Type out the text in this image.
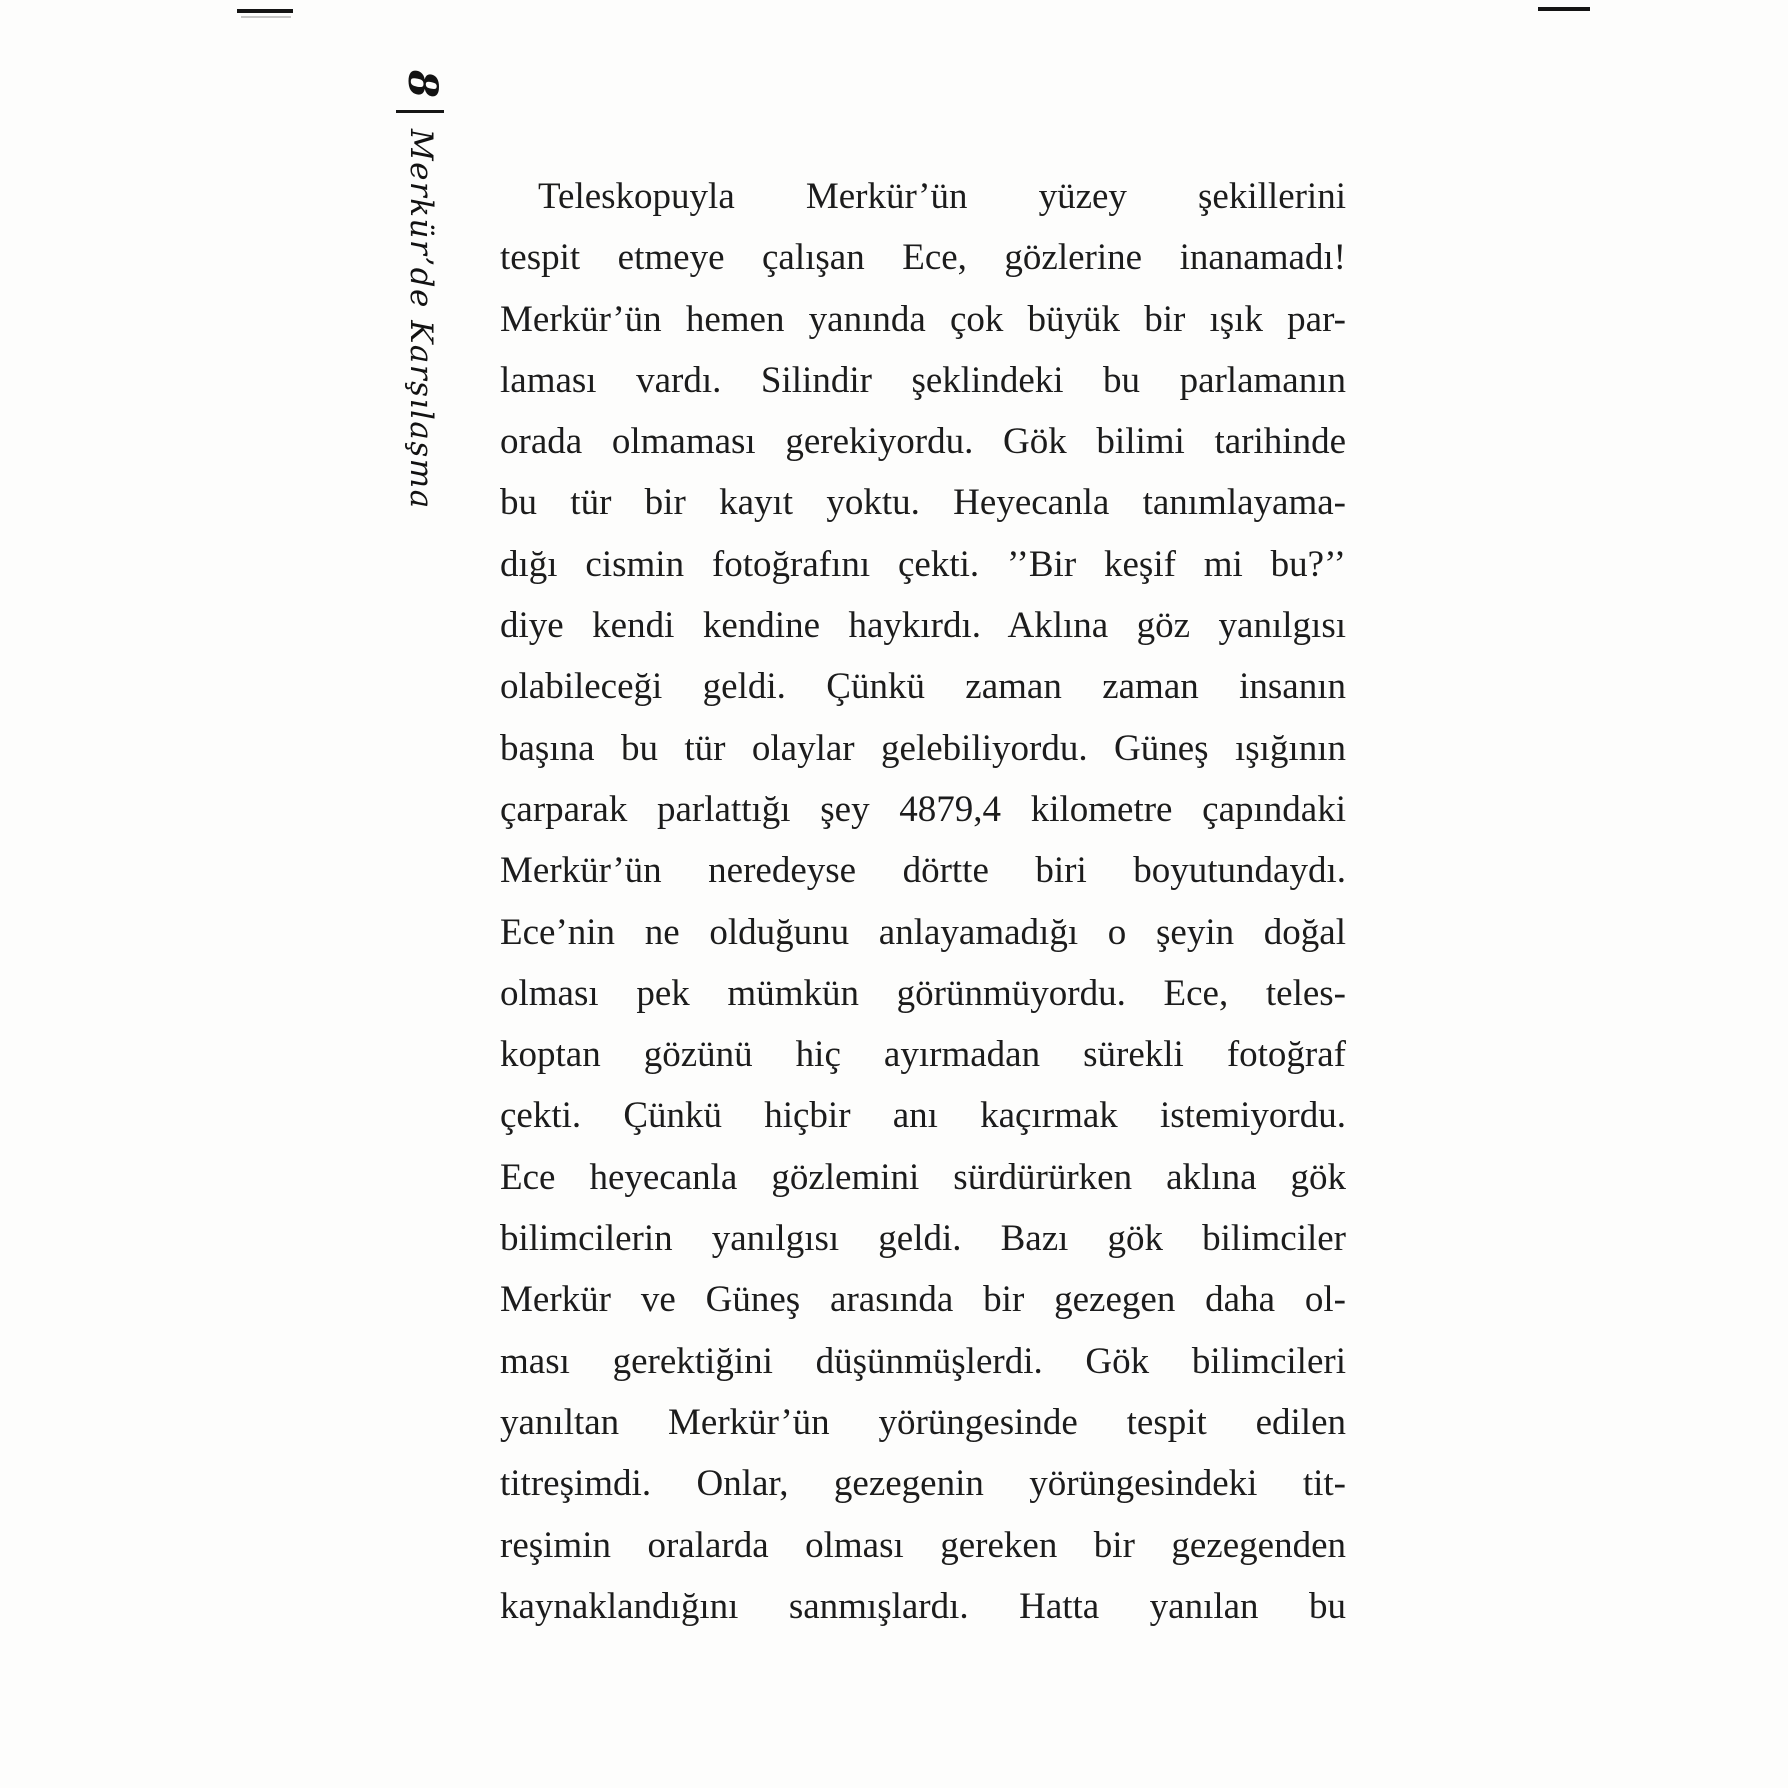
8
Merkür’de Karşılaşma	Teleskopuyla Merkür’ün yüzey şekillerini
tespit etmeye çalışan Ece, gözlerine inanamadı!
Merkür’ün hemen yanında çok büyük bir ışık par-
laması vardı. Silindir şeklindeki bu parlamanın
orada olmaması gerekiyordu. Gök bilimi tarihinde
bu tür bir kayıt yoktu. Heyecanla tanımlayama-
dığı cismin fotoğrafını çekti. ’’Bir keşif mi bu?’’
diye kendi kendine haykırdı. Aklına göz yanılgısı
olabileceği geldi. Çünkü zaman zaman insanın
başına bu tür olaylar gelebiliyordu. Güneş ışığının
çarparak parlattığı şey 4879,4 kilometre çapındaki
Merkür’ün neredeyse dörtte biri boyutundaydı.
Ece’nin ne olduğunu anlayamadığı o şeyin doğal
olması pek mümkün görünmüyordu. Ece, teles-
koptan gözünü hiç ayırmadan sürekli fotoğraf
çekti. Çünkü hiçbir anı kaçırmak istemiyordu.
Ece heyecanla gözlemini sürdürürken aklına gök
bilimcilerin yanılgısı geldi. Bazı gök bilimciler
Merkür ve Güneş arasında bir gezegen daha ol-
ması gerektiğini düşünmüşlerdi. Gök bilimcileri
yanıltan Merkür’ün yörüngesinde tespit edilen
titreşimdi. Onlar, gezegenin yörüngesindeki tit-
reşimin oralarda olması gereken bir gezegenden
kaynaklandığını sanmışlardı. Hatta yanılan bu
